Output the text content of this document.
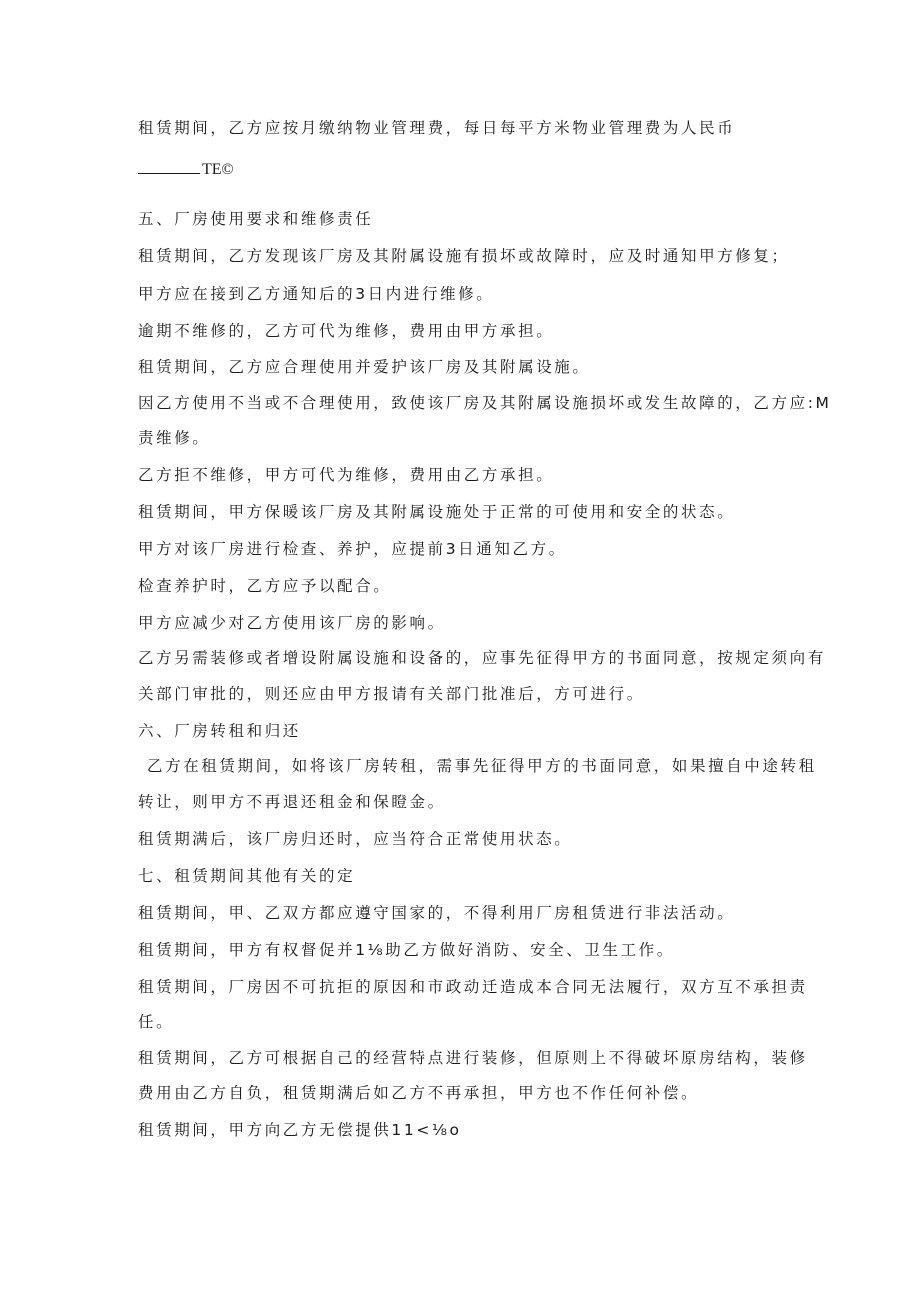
租赁期间，乙方应按月缴纳物业管理费，每日每平方米物业管理费为人民币
TE©
五、厂房使用要求和维修责任
租赁期间，乙方发现该厂房及其附属设施有损坏或故障时，应及时通知甲方修复；
甲方应在接到乙方通知后的3日内进行维修。
逾期不维修的，乙方可代为维修，费用由甲方承担。
租赁期间，乙方应合理使用并爱护该厂房及其附属设施。
因乙方使用不当或不合理使用，致使该厂房及其附属设施损坏或发生故障的，乙方应:M
责维修。
乙方拒不维修，甲方可代为维修，费用由乙方承担。
租赁期间，甲方保暖该厂房及其附属设施处于正常的可使用和安全的状态。
甲方对该厂房进行检查、养护，应提前3日通知乙方。
检查养护时，乙方应予以配合。
甲方应减少对乙方使用该厂房的影响。
乙方另需装修或者增设附属设施和设备的，应事先征得甲方的书面同意，按规定须向有
关部门审批的，则还应由甲方报请有关部门批准后，方可进行。
六、厂房转租和归还
乙方在租赁期间，如将该厂房转租，需事先征得甲方的书面同意，如果擅自中途转租
转让，则甲方不再退还租金和保瞪金。
租赁期满后，该厂房归还时，应当符合正常使用状态。
七、租赁期间其他有关的定
租赁期间，甲、乙双方都应遵守国家的，不得利用厂房租赁进行非法活动。
租赁期间，甲方有权督促并1⅛助乙方做好消防、安全、卫生工作。
租赁期间，厂房因不可抗拒的原因和市政动迁造成本合同无法履行，双方互不承担责
任。
租赁期间，乙方可根据自己的经营特点进行装修，但原则上不得破坏原房结构，装修
费用由乙方自负，租赁期满后如乙方不再承担，甲方也不作任何补偿。
租赁期间，甲方向乙方无偿提供11<⅛o
